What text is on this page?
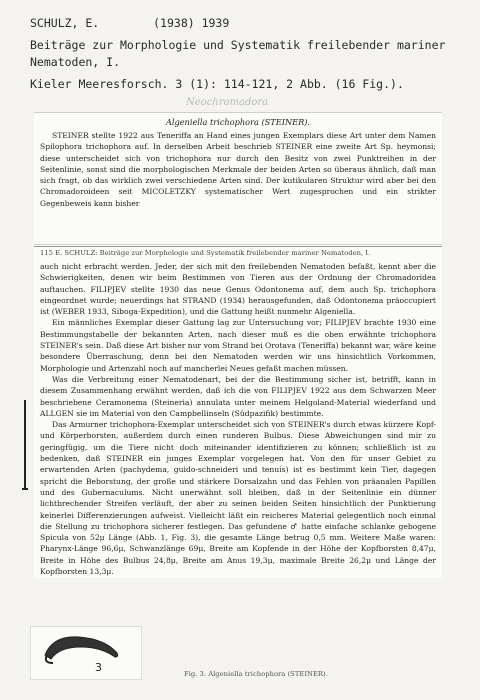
SCHULZ, E.	(1938) 1939
Beiträge zur Morphologie und Systematik freilebender mariner
Nematoden, I.
Kieler Meeresforsch. 3 (1): 114-121, 2 Abb. (16 Fig.).
Neochromadora
Algeniella trichophora (STEINER).

STEINER stellte 1922 aus Teneriffa an Hand eines jungen Exemplars diese Art unter dem Namen Spilophora trichophora auf. In derselben Arbeit beschrieb STEINER eine zweite Art Sp. heymonsi; diese unterscheidet sich von trichophora nur durch den Besitz von zwei Punktreihen in der Seitenlinie, sonst sind die morphologischen Merkmale der beiden Arten so überaus ähnlich, daß man sich fragt, ob das wirklich zwei verschiedene Arten sind. Der kutikularen Struktur wird aber bei den Chromadoroideen seit MICOLETZKY systematischer Wert zugesprochen und ein strikter Gegenbeweis kann bisher

115 E. SCHULZ: Beiträge zur Morphologie und Systematik freilebender mariner Nematoden, I.

auch nicht erbracht werden. Jeder, der sich mit den freilebenden Nematoden befaßt, kennt aber die Schwierigkeiten, denen wir beim Bestimmen von Tieren aus der Ordnung der Chromadoridea auftauchen. FILIPJEV stellte 1930 das neue Genus Odontonema auf, dem auch Sp. trichophora eingeordnet wurde; neuerdings hat STRAND (1934) herausgefunden, daß Odontonema präoccupiert ist (WEBER 1933, Siboga-Expedition), und die Gattung heißt nunmehr Algeniella.

Ein männliches Exemplar dieser Gattung lag zur Untersuchung vor; FILIPJEV brachte 1930 eine Bestimmungstabelle der bekannten Arten, nach dieser muß es die oben erwähnte trichophora STEINER's sein. Daß diese Art bisher nur vom Strand bei Orotava (Teneriffa) bekannt war, wäre keine besondere Überraschung, denn bei den Nematoden werden wir uns hinsichtlich Vorkommen, Morphologie und Artenzahl noch auf mancherlei Neues gefaßt machen müssen.

Was die Verbreitung einer Nematodenart, bei der die Bestimmung sicher ist, betrifft, kann in diesem Zusammenhang erwähnt werden, daß ich die von FILIPJEV 1922 aus dem Schwarzen Meer beschriebene Ceramonema (Steineria) annulata unter meinem Helgoland-Material wiederfand und ALLGEN sie im Material von den Campbellinseln (Südpazifik) bestimmte.

Das Armurner trichophora-Exemplar unterscheidet sich von STEINER's durch etwas kürzere Kopf- und Körperborsten, außerdem durch einen runderen Bulbus. Diese Abweichungen sind mir zu geringfügig, um die Tiere nicht doch miteinander identifizieren zu können; schließlich ist zu bedenken, daß STEINER ein junges Exemplar vorgelegen hat. Von den für unser Gebiet zu erwartenden Arten (pachydema, guido-schneideri und tenuis) ist es bestimmt kein Tier, dagegen spricht die Beborstung, der große und stärkere Dorsalzahn und das Fehlen von präanalen Papillen und des Gubernaculums. Nicht unerwähnt soll bleiben, daß in der Seitenlinie ein dünner lichtbrechender Streifen verläuft, der aber zu seinen beiden Seiten hinsichtlich der Punktierung keinerlei Differenzierungen aufweist. Vielleicht läßt ein reicheres Material gelegentlich noch einmal die Stellung zu trichophora sicherer festlegen. Das gefundene ♂ hatte einfache schlanke gebogene Spicula von 52μ Länge (Abb. 1, Fig. 3), die gesamte Länge betrug 0,5 mm. Weitere Maße waren: Pharynx-Länge 96,6μ, Schwanzlänge 69μ, Breite am Kopfende in der Höhe der Kopfborsten 8,47μ, Breite in Höhe des Bulbus 24,8μ, Breite am Anus 19,3μ, maximale Breite 26,2μ und Länge der Kopfborsten 13,3μ.

3	Fig. 3. Algeniella trichophora (STEINER).
